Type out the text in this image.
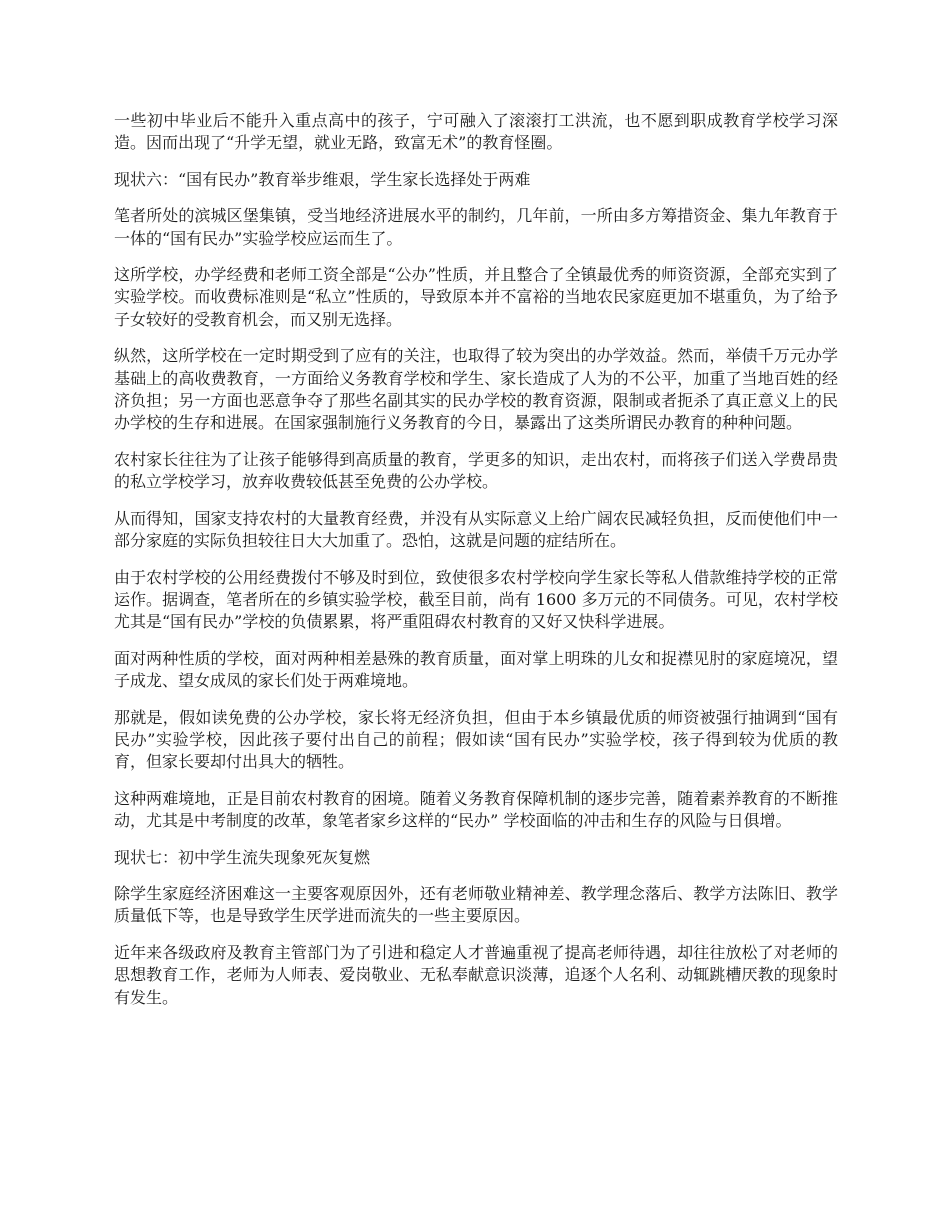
一些初中毕业后不能升入重点高中的孩子，宁可融入了滚滚打工洪流，也不愿到职成教育学校学习深造。因而出现了“升学无望，就业无路，致富无术”的教育怪圈。

现状六：“国有民办”教育举步维艰，学生家长选择处于两难

笔者所处的滨城区堡集镇，受当地经济进展水平的制约，几年前，一所由多方筹措资金、集九年教育于一体的“国有民办”实验学校应运而生了。

这所学校，办学经费和老师工资全部是“公办”性质，并且整合了全镇最优秀的师资资源，全部充实到了实验学校。而收费标准则是“私立”性质的，导致原本并不富裕的当地农民家庭更加不堪重负，为了给予子女较好的受教育机会，而又别无选择。

纵然，这所学校在一定时期受到了应有的关注，也取得了较为突出的办学效益。然而，举债千万元办学基础上的高收费教育，一方面给义务教育学校和学生、家长造成了人为的不公平，加重了当地百姓的经济负担；另一方面也恶意争夺了那些名副其实的民办学校的教育资源，限制或者扼杀了真正意义上的民办学校的生存和进展。在国家强制施行义务教育的今日，暴露出了这类所谓民办教育的种种问题。

农村家长往往为了让孩子能够得到高质量的教育，学更多的知识，走出农村，而将孩子们送入学费昂贵的私立学校学习，放弃收费较低甚至免费的公办学校。

从而得知，国家支持农村的大量教育经费，并没有从实际意义上给广阔农民减轻负担，反而使他们中一部分家庭的实际负担较往日大大加重了。恐怕，这就是问题的症结所在。

由于农村学校的公用经费拨付不够及时到位，致使很多农村学校向学生家长等私人借款维持学校的正常运作。据调查，笔者所在的乡镇实验学校，截至目前，尚有 1600 多万元的不同债务。可见，农村学校尤其是“国有民办”学校的负债累累，将严重阻碍农村教育的又好又快科学进展。

面对两种性质的学校，面对两种相差悬殊的教育质量，面对掌上明珠的儿女和捉襟见肘的家庭境况，望子成龙、望女成凤的家长们处于两难境地。

那就是，假如读免费的公办学校，家长将无经济负担，但由于本乡镇最优质的师资被强行抽调到“国有民办”实验学校，因此孩子要付出自己的前程；假如读“国有民办”实验学校，孩子得到较为优质的教育，但家长要却付出具大的牺牲。

这种两难境地，正是目前农村教育的困境。随着义务教育保障机制的逐步完善，随着素养教育的不断推动，尤其是中考制度的改革，象笔者家乡这样的“民办” 学校面临的冲击和生存的风险与日俱增。

现状七：初中学生流失现象死灰复燃

除学生家庭经济困难这一主要客观原因外，还有老师敬业精神差、教学理念落后、教学方法陈旧、教学质量低下等，也是导致学生厌学进而流失的一些主要原因。

近年来各级政府及教育主管部门为了引进和稳定人才普遍重视了提高老师待遇，却往往放松了对老师的思想教育工作，老师为人师表、爱岗敬业、无私奉献意识淡薄，追逐个人名利、动辄跳槽厌教的现象时有发生。
